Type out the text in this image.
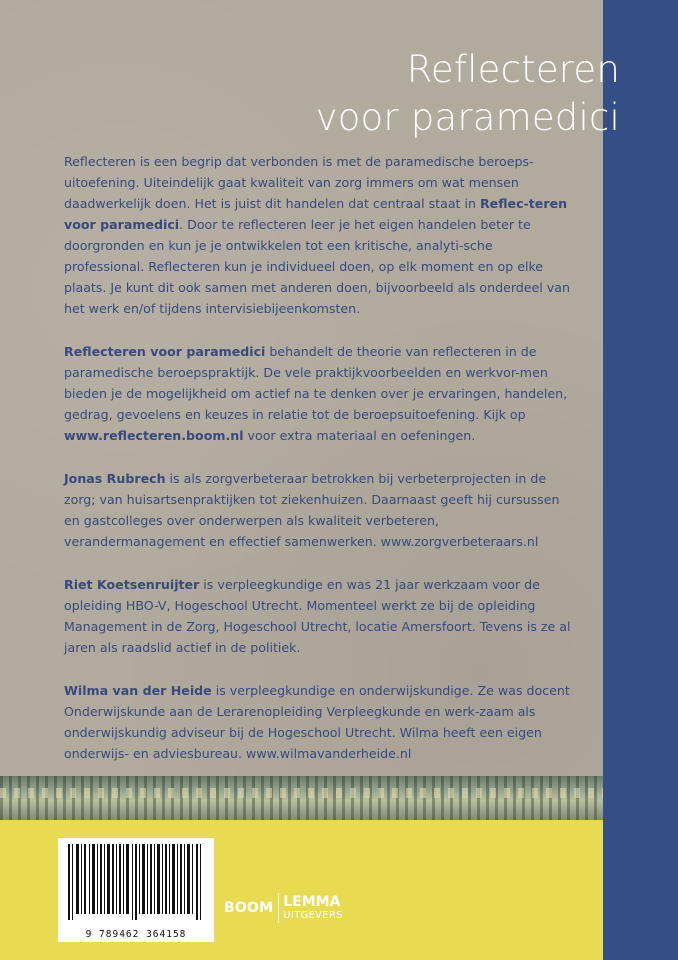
Reflecteren
voor paramedici

Reflecteren is een begrip dat verbonden is met de paramedische beroeps-uitoefening. Uiteindelijk gaat kwaliteit van zorg immers om wat mensen daadwerkelijk doen. Het is juist dit handelen dat centraal staat in Reflec-teren voor paramedici. Door te reflecteren leer je het eigen handelen beter te doorgronden en kun je je ontwikkelen tot een kritische, analyti-sche professional. Reflecteren kun je individueel doen, op elk moment en op elke plaats. Je kunt dit ook samen met anderen doen, bijvoorbeeld als onderdeel van het werk en/of tijdens intervisiebijeenkomsten.

Reflecteren voor paramedici behandelt de theorie van reflecteren in de paramedische beroepspraktijk. De vele praktijkvoorbeelden en werkvor-men bieden je de mogelijkheid om actief na te denken over je ervaringen, handelen, gedrag, gevoelens en keuzes in relatie tot de beroepsuitoefening. Kijk op www.reflecteren.boom.nl voor extra materiaal en oefeningen.

Jonas Rubrech is als zorgverbeteraar betrokken bij verbeterprojecten in de zorg; van huisartsenpraktijken tot ziekenhuizen. Daarnaast geeft hij cursussen en gastcolleges over onderwerpen als kwaliteit verbeteren, verandermanagement en effectief samenwerken. www.zorgverbeteraars.nl

Riet Koetsenruijter is verpleegkundige en was 21 jaar werkzaam voor de opleiding HBO-V, Hogeschool Utrecht. Momenteel werkt ze bij de opleiding Management in de Zorg, Hogeschool Utrecht, locatie Amersfoort. Tevens is ze al jaren als raadslid actief in de politiek.

Wilma van der Heide is verpleegkundige en onderwijskundige. Ze was docent Onderwijskunde aan de Lerarenopleiding Verpleegkunde en werk-zaam als onderwijskundig adviseur bij de Hogeschool Utrecht. Wilma heeft een eigen onderwijs- en adviesbureau. www.wilmavanderheide.nl

9 789462 364158
BOOM LEMMA
UITGEVERS
